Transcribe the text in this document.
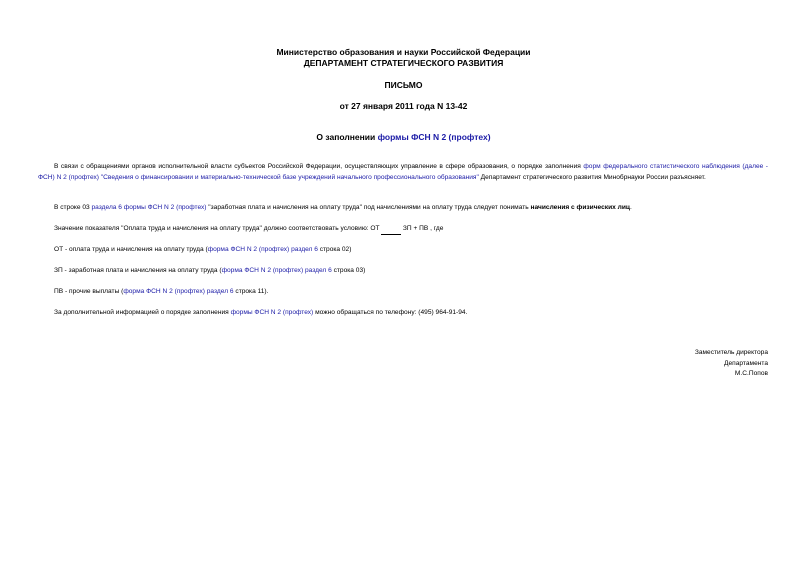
Министерство образования и науки Российской Федерации
ДЕПАРТАМЕНТ СТРАТЕГИЧЕСКОГО РАЗВИТИЯ
ПИСЬМО
от 27 января 2011 года N 13-42
О заполнении формы ФСН N 2 (профтех)
В связи с обращениями органов исполнительной власти субъектов Российской Федерации, осуществляющих управление в сфере образования, о порядке заполнения форм федерального статистического наблюдения (далее - ФСН) N 2 (профтех) "Сведения о финансировании и материально-технической базе учреждений начального профессионального образования" Департамент стратегического развития Минобрнауки России разъясняет.
В строке 03 раздела 6 формы ФСН N 2 (профтех) "заработная плата и начисления на оплату труда" под начислениями на оплату труда следует понимать начисления с физических лиц.
Значение показателя "Оплата труда и начисления на оплату труда" должно соответствовать условию: ОТ	ЗП + ПВ , где
ОТ - оплата труда и начисления на оплату труда (форма ФСН N 2 (профтех) раздел 6 строка 02)
ЗП - заработная плата и начисления на оплату труда (форма ФСН N 2 (профтех) раздел 6 строка 03)
ПВ - прочие выплаты (форма ФСН N 2 (профтех) раздел 6 строка 11).
За дополнительной информацией о порядке заполнения формы ФСН N 2 (профтех) можно обращаться по телефону: (495) 964-91-94.
Заместитель директора
Департамента
М.С.Попов
